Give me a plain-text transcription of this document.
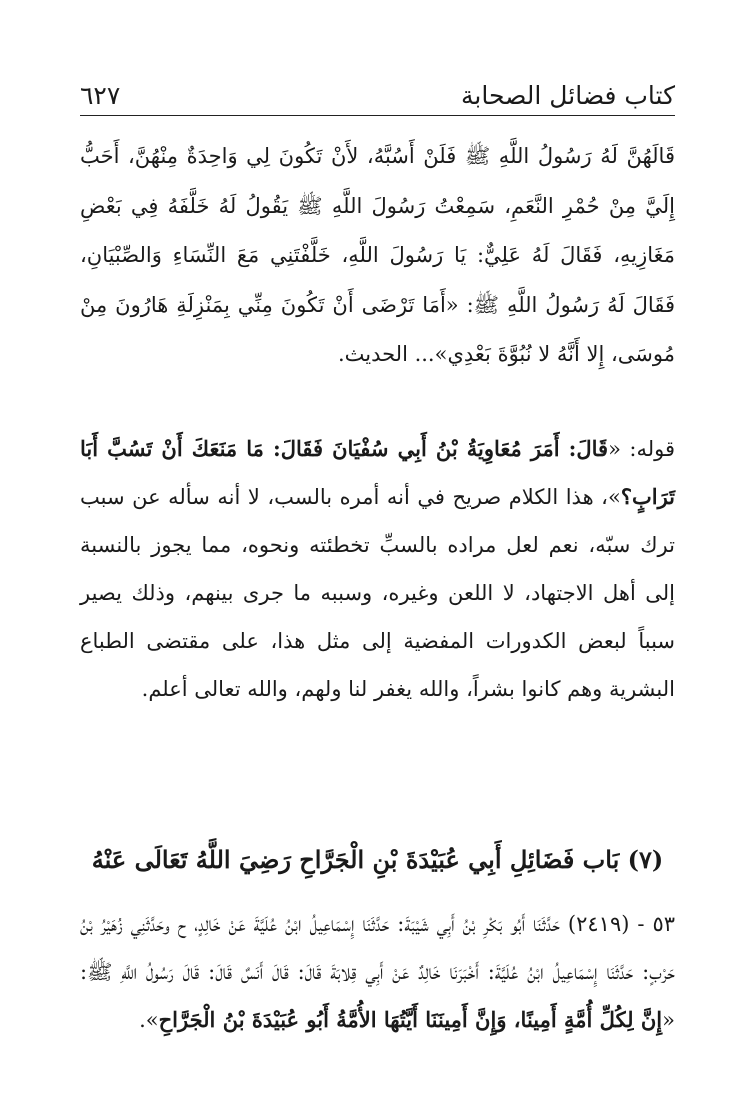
كتاب فضائل الصحابة
٦٢٧

قَالَهُنَّ لَهُ رَسُولُ اللَّهِ ﷺ فَلَنْ أَسُبَّهُ، لأَنْ تَكُونَ لِي وَاحِدَةٌ مِنْهُنَّ، أَحَبُّ إِلَيَّ مِنْ حُمْرِ النَّعَمِ، سَمِعْتُ رَسُولَ اللَّهِ ﷺ يَقُولُ لَهُ خَلَّفَهُ فِي بَعْضِ مَغَازِيهِ، فَقَالَ لَهُ عَلِيٌّ: يَا رَسُولَ اللَّهِ، خَلَّفْتَنِي مَعَ النِّسَاءِ وَالصِّبْيَانِ، فَقَالَ لَهُ رَسُولُ اللَّهِ ﷺ: «أَمَا تَرْضَى أَنْ تَكُونَ مِنِّي بِمَنْزِلَةِ هَارُونَ مِنْ مُوسَى، إِلا أَنَّهُ لا نُبُوَّةَ بَعْدِي»... الحديث.

قوله: «قَالَ: أَمَرَ مُعَاوِيَةُ بْنُ أَبِي سُفْيَانَ فَقَالَ: مَا مَنَعَكَ أَنْ تَسُبَّ أَبَا تَرَابٍ؟»، هذا الكلام صريح في أنه أمره بالسب، لا أنه سأله عن سبب ترك سبّه، نعم لعل مراده بالسبِّ تخطئته ونحوه، مما يجوز بالنسبة إلى أهل الاجتهاد، لا اللعن وغيره، وسببه ما جرى بينهم، وذلك يصير سبباً لبعض الكدورات المفضية إلى مثل هذا، على مقتضى الطباع البشرية وهم كانوا بشراً، والله يغفر لنا ولهم، والله تعالى أعلم.

(٧) بَاب فَضَائِلِ أَبِي عُبَيْدَةَ بْنِ الْجَرَّاحِ رَضِيَ اللَّهُ تَعَالَى عَنْهُ

٥٣ - (٢٤١٩) حَدَّثَنَا أَبُو بَكْرِ بْنُ أَبِي شَيْبَةَ: حَدَّثَنَا إِسْمَاعِيلُ ابْنُ عُلَيَّةَ عَنْ خَالِدٍ، ح وحَدَّثَنِي زُهَيْرُ بْنُ حَرْبٍ: حَدَّثَنَا إِسْمَاعِيلُ ابْنُ عُلَيَّةَ: أَخْبَرَنَا خَالِدٌ عَنْ أَبِي قِلابَةَ قَالَ: قَالَ أَنَسٌ قَالَ: قَالَ رَسُولُ اللَّهِ ﷺ: «إِنَّ لِكُلِّ أُمَّةٍ أَمِينًا، وَإِنَّ أَمِينَنَا أَيَّتُهَا الأُمَّةُ أَبُو عُبَيْدَةَ بْنُ الْجَرَّاحِ».
